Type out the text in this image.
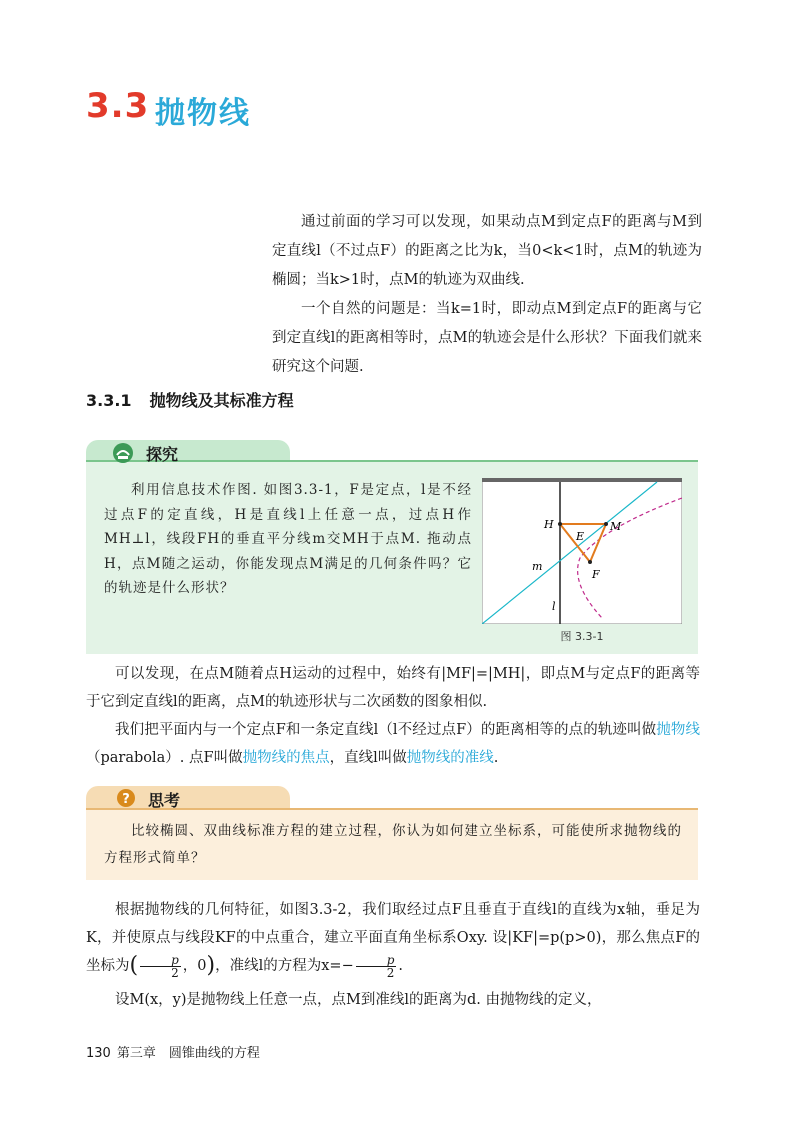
3.3 抛物线

通过前面的学习可以发现，如果动点M到定点F的距离与M到定直线l（不过点F）的距离之比为k，当0<k<1时，点M的轨迹为椭圆；当k>1时，点M的轨迹为双曲线.

一个自然的问题是：当k=1时，即动点M到定点F的距离与它到定直线l的距离相等时，点M的轨迹会是什么形状？下面我们就来研究这个问题.

3.3.1 抛物线及其标准方程
探究

利用信息技术作图. 如图3.3-1，F是定点，l是不经过点F的定直线，H是直线l上任意一点，过点H作MH⊥l，线段FH的垂直平分线m交MH于点M. 拖动点H，点M随之运动，你能发现点M满足的几何条件吗？它的轨迹是什么形状？

H	M
E
F
m
l
图 3.3-1

可以发现，在点M随着点H运动的过程中，始终有|MF|=|MH|，即点M与定点F的距离等于它到定直线l的距离，点M的轨迹形状与二次函数的图象相似.

我们把平面内与一个定点F和一条定直线l（l不经过点F）的距离相等的点的轨迹叫做抛物线（parabola）. 点F叫做抛物线的焦点，直线l叫做抛物线的准线.

? 思考

比较椭圆、双曲线标准方程的建立过程，你认为如何建立坐标系，可能使所求抛物线的方程形式简单？

根据抛物线的几何特征，如图3.3-2，我们取经过点F且垂直于直线l的直线为x轴，垂足为K，并使原点与线段KF的中点重合，建立平面直角坐标系Oxy. 设|KF|=p(p>0)，那么焦点F的坐标为( $\frac{p}{2}$ ，0)，准线l的方程为$x=- \frac{p}{2}$ .

设M(x，y)是抛物线上任意一点，点M到准线l的距离为d. 由抛物线的定义，

130 第三章　圆锥曲线的方程
